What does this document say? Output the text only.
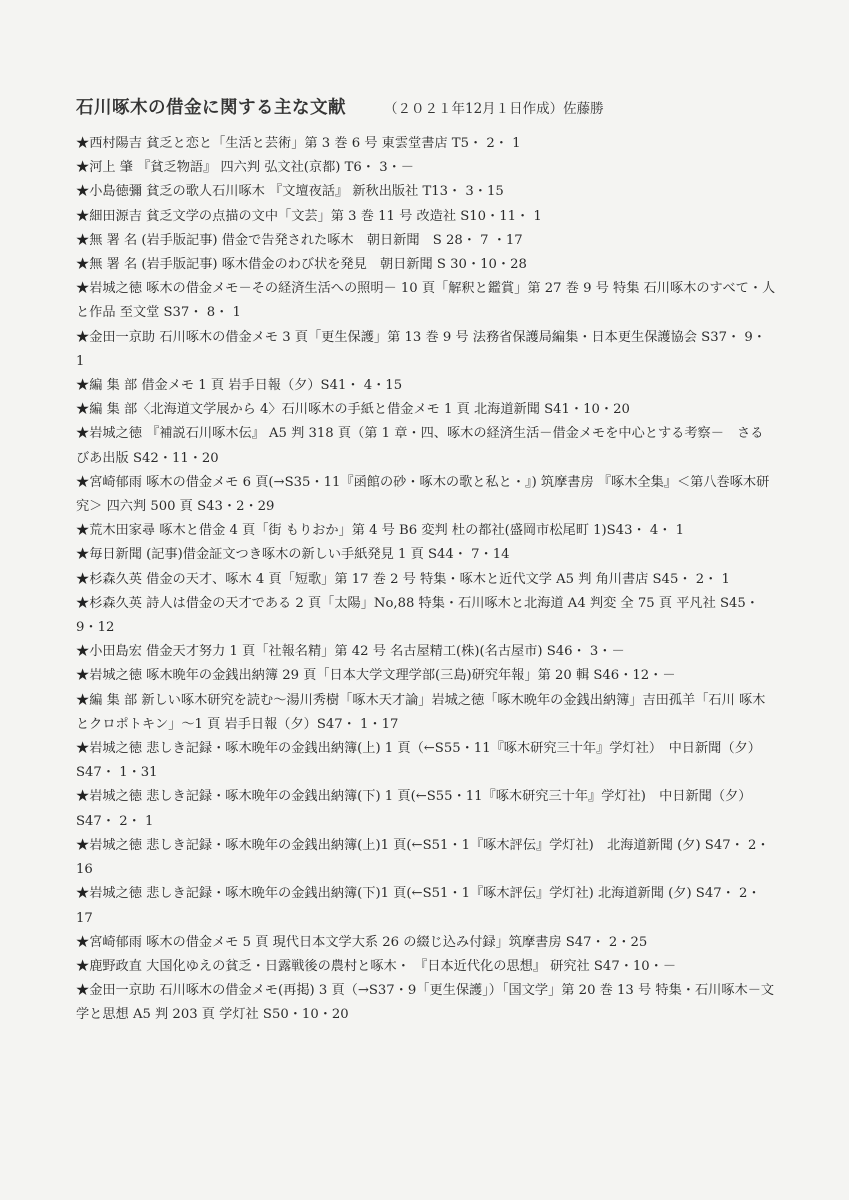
石川啄木の借金に関する主な文献	（２０２１年12月１日作成）佐藤勝
★西村陽吉 貧乏と恋と「生活と芸術」第 3 巻 6 号 東雲堂書店 T5・ 2・ 1
★河上 肇 『貧乏物語』 四六判 弘文社(京都) T6・ 3・－
★小島徳彌 貧乏の歌人石川啄木 『文壇夜話』 新秋出版社 T13・ 3・15
★細田源吉 貧乏文学の点描の文中「文芸」第 3 巻 11 号 改造社 S10・11・ 1
★無 署 名 (岩手版記事) 借金で告発された啄木　朝日新聞　S 28・ 7 ・17
★無 署 名 (岩手版記事) 啄木借金のわび状を発見　朝日新聞 S 30・10・28
★岩城之徳 啄木の借金メモ－その経済生活への照明－ 10 頁「解釈と鑑賞」第 27 巻 9 号 特集 石川啄木のすべて・人と作品 至文堂 S37・ 8・ 1
★金田一京助 石川啄木の借金メモ 3 頁「更生保護」第 13 巻 9 号 法務省保護局編集・日本更生保護協会 S37・ 9・ 1
★編 集 部 借金メモ 1 頁 岩手日報（夕）S41・ 4・15
★編 集 部〈北海道文学展から 4〉石川啄木の手紙と借金メモ 1 頁 北海道新聞 S41・10・20
★岩城之徳 『補説石川啄木伝』 A5 判 318 頁（第 1 章・四、啄木の経済生活－借金メモを中心とする考察－　さるびあ出版 S42・11・20
★宮崎郁雨 啄木の借金メモ 6 頁(→S35・11『函館の砂・啄木の歌と私と・』) 筑摩書房 『啄木全集』＜第八巻啄木研究＞ 四六判 500 頁 S43・2・29
★荒木田家尋 啄木と借金 4 頁「街 もりおか」第 4 号 B6 変判 杜の都社(盛岡市松尾町 1)S43・ 4・ 1
★毎日新聞 (記事)借金証文つき啄木の新しい手紙発見 1 頁 S44・ 7・14
★杉森久英 借金の天才、啄木 4 頁「短歌」第 17 巻 2 号 特集・啄木と近代文学 A5 判 角川書店 S45・ 2・ 1
★杉森久英 詩人は借金の天才である 2 頁「太陽」No,88 特集・石川啄木と北海道 A4 判変 全 75 頁 平凡社 S45・ 9・12
★小田島宏 借金天才努力 1 頁「社報名精」第 42 号 名古屋精工(株)(名古屋市) S46・ 3・－
★岩城之徳 啄木晩年の金銭出納簿 29 頁「日本大学文理学部(三島)研究年報」第 20 輯 S46・12・－
★編 集 部 新しい啄木研究を読む～湯川秀樹「啄木天才論」岩城之徳「啄木晩年の金銭出納簿」吉田孤羊「石川 啄木とクロポトキン」～1 頁 岩手日報（夕）S47・ 1・17
★岩城之徳 悲しき記録・啄木晩年の金銭出納簿(上) 1 頁（←S55・11『啄木研究三十年』学灯社）　中日新聞（夕）S47・ 1・31
★岩城之徳 悲しき記録・啄木晩年の金銭出納簿(下) 1 頁(←S55・11『啄木研究三十年』学灯社)　中日新聞（夕）S47・ 2・ 1
★岩城之徳 悲しき記録・啄木晩年の金銭出納簿(上)1 頁(←S51・1『啄木評伝』学灯社)　北海道新聞 (夕) S47・ 2・16
★岩城之徳 悲しき記録・啄木晩年の金銭出納簿(下)1 頁(←S51・1『啄木評伝』学灯社) 北海道新聞 (夕) S47・ 2・17
★宮崎郁雨 啄木の借金メモ 5 頁 現代日本文学大系 26 の綴じ込み付録」筑摩書房 S47・ 2・25
★鹿野政直 大国化ゆえの貧乏・日露戦後の農村と啄木・ 『日本近代化の思想』 研究社 S47・10・－
★金田一京助 石川啄木の借金メモ(再掲) 3 頁（→S37・9「更生保護」）「国文学」第 20 巻 13 号 特集・石川啄木－文学と思想 A5 判 203 頁 学灯社 S50・10・20
